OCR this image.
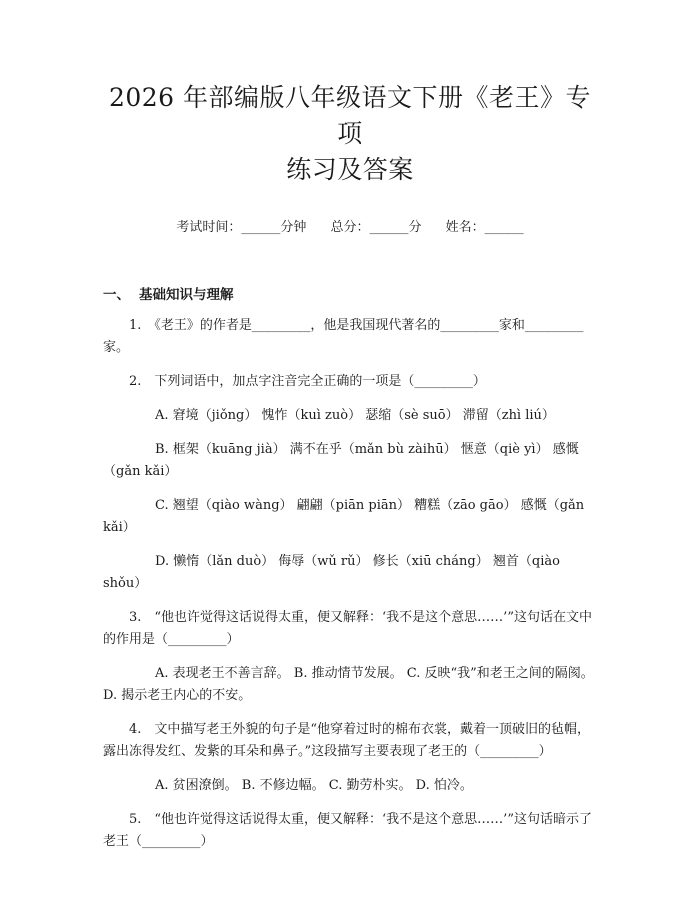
2026 年部编版八年级语文下册《老王》专项
练习及答案
考试时间：______分钟 总分：______分 姓名：______
一、 基础知识与理解
1.　《老王》的作者是_________，他是我国现代著名的_________家和_________家。
2.　下列词语中，加点字注音完全正确的一项是（_________）
A. 窘境（jiǒng） 愧怍（kuì zuò） 瑟缩（sè suō） 滞留（zhì liú）
B. 框架（kuāng jià） 满不在乎（mǎn bù zàihū） 惬意（qiè yì） 感慨（gǎn kǎi）
C. 翘望（qiào wàng） 翩翩（piān piān） 糟糕（zāo gāo） 感慨（gǎn kǎi）
D. 懒惰（lǎn duò） 侮辱（wǔ rǔ） 修长（xiū cháng） 翘首（qiào shǒu）
3.　“他也许觉得这话说得太重，便又解释：‘我不是这个意思……’”这句话在文中的作用是（_________）
A. 表现老王不善言辞。 B. 推动情节发展。 C. 反映“我”和老王之间的隔阂。 D. 揭示老王内心的不安。
4.　文中描写老王外貌的句子是“他穿着过时的棉布衣裳，戴着一顶破旧的毡帽，露出冻得发红、发紫的耳朵和鼻子。”这段描写主要表现了老王的（_________）
A. 贫困潦倒。 B. 不修边幅。 C. 勤劳朴实。 D. 怕冷。
5.　“他也许觉得这话说得太重，便又解释：‘我不是这个意思……’”这句话暗示了老王（_________）
